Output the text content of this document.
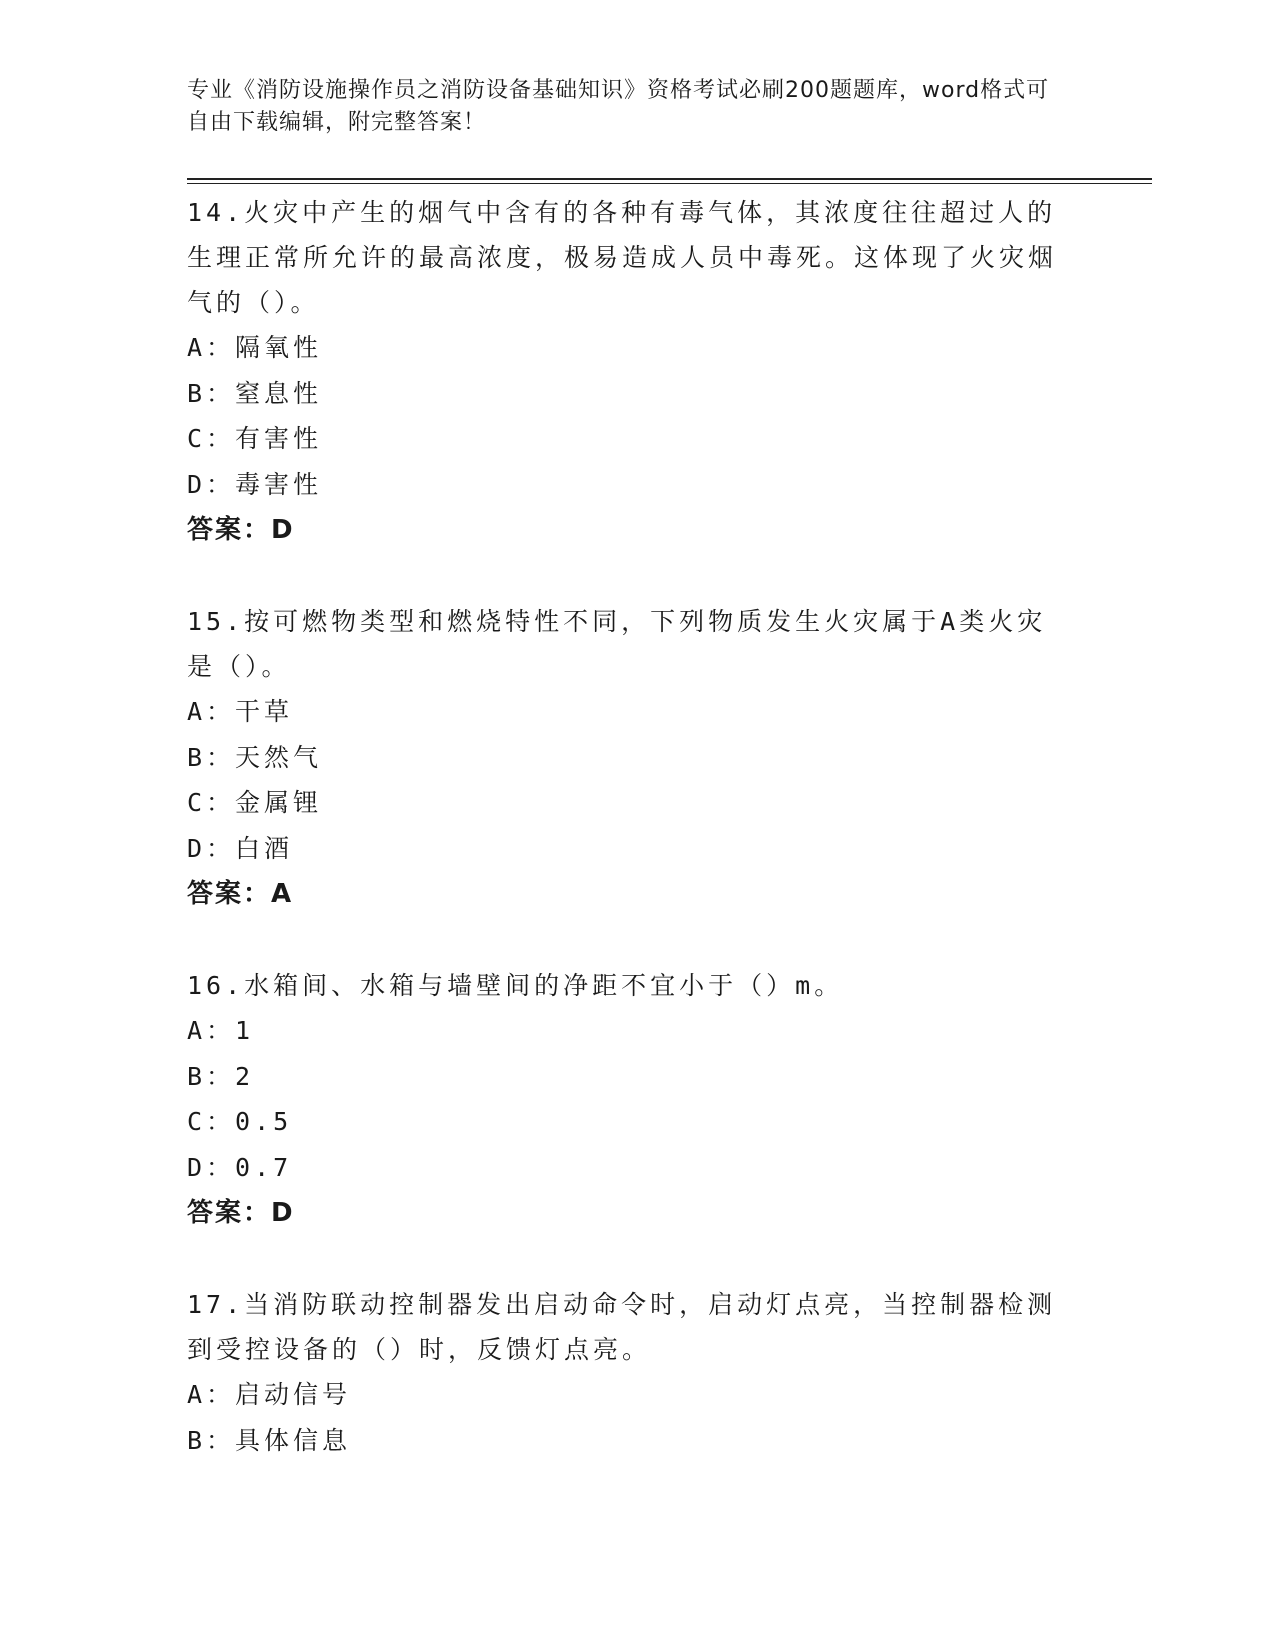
专业《消防设施操作员之消防设备基础知识》资格考试必刷200题题库，word格式可自由下载编辑，附完整答案！

14.火灾中产生的烟气中含有的各种有毒气体，其浓度往往超过人的生理正常所允许的最高浓度，极易造成人员中毒死。这体现了火灾烟气的（）。

A：隔氧性

B：窒息性

C：有害性

D：毒害性

答案：D

15.按可燃物类型和燃烧特性不同，下列物质发生火灾属于A类火灾是（）。

A：干草

B：天然气

C：金属锂

D：白酒

答案：A

16.水箱间、水箱与墙壁间的净距不宜小于（）m。

A：1

B：2

C：0.5

D：0.7

答案：D

17.当消防联动控制器发出启动命令时，启动灯点亮，当控制器检测到受控设备的（）时，反馈灯点亮。

A：启动信号

B：具体信息
